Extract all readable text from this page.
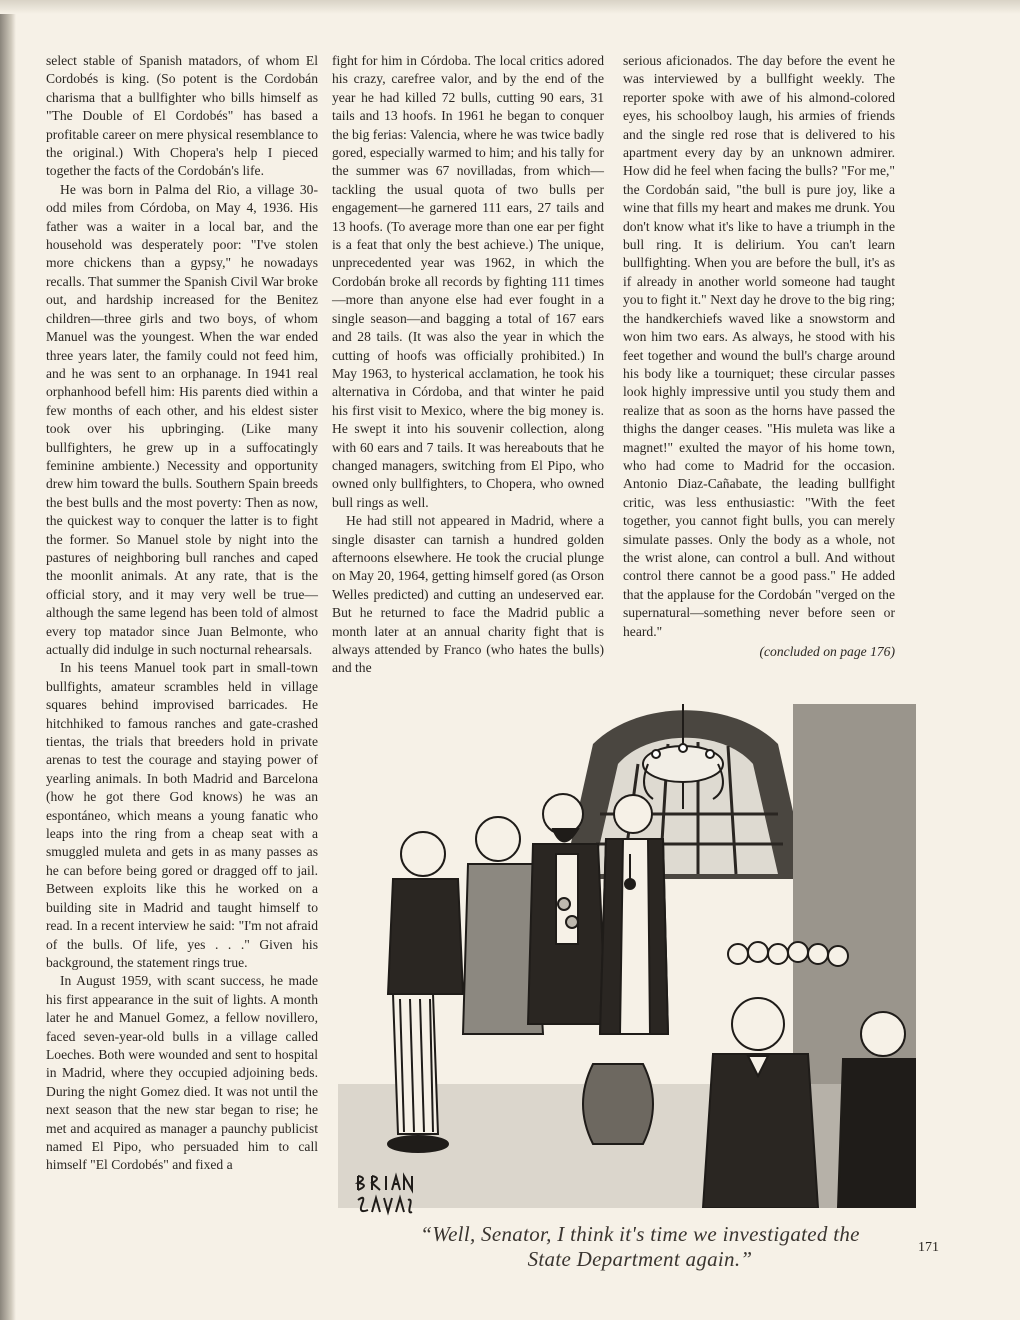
select stable of Spanish matadors, of whom El Cordobés is king. (So potent is the Cordobán charisma that a bullfighter who bills himself as "The Double of El Cordobés" has based a profitable career on mere physical resemblance to the original.) With Chopera's help I pieced together the facts of the Cordobán's life.

He was born in Palma del Rio, a village 30-odd miles from Córdoba, on May 4, 1936. His father was a waiter in a local bar, and the household was desperately poor: "I've stolen more chickens than a gypsy," he nowadays recalls. That summer the Spanish Civil War broke out, and hardship increased for the Benitez children—three girls and two boys, of whom Manuel was the youngest. When the war ended three years later, the family could not feed him, and he was sent to an orphanage. In 1941 real orphanhood befell him: His parents died within a few months of each other, and his eldest sister took over his upbringing. (Like many bullfighters, he grew up in a suffocatingly feminine ambiente.) Necessity and opportunity drew him toward the bulls. Southern Spain breeds the best bulls and the most poverty: Then as now, the quickest way to conquer the latter is to fight the former. So Manuel stole by night into the pastures of neighboring bull ranches and caped the moonlit animals. At any rate, that is the official story, and it may very well be true—although the same legend has been told of almost every top matador since Juan Belmonte, who actually did indulge in such nocturnal rehearsals.

In his teens Manuel took part in small-town bullfights, amateur scrambles held in village squares behind improvised barricades. He hitchhiked to famous ranches and gate-crashed tientas, the trials that breeders hold in private arenas to test the courage and staying power of yearling animals. In both Madrid and Barcelona (how he got there God knows) he was an espontáneo, which means a young fanatic who leaps into the ring from a cheap seat with a smuggled muleta and gets in as many passes as he can before being gored or dragged off to jail. Between exploits like this he worked on a building site in Madrid and taught himself to read. In a recent interview he said: "I'm not afraid of the bulls. Of life, yes . . ." Given his background, the statement rings true.

In August 1959, with scant success, he made his first appearance in the suit of lights. A month later he and Manuel Gomez, a fellow novillero, faced seven-year-old bulls in a village called Loeches. Both were wounded and sent to hospital in Madrid, where they occupied adjoining beds. During the night Gomez died. It was not until the next season that the new star began to rise; he met and acquired as manager a paunchy publicist named El Pipo, who persuaded him to call himself "El Cordobés" and fixed a

fight for him in Córdoba. The local critics adored his crazy, carefree valor, and by the end of the year he had killed 72 bulls, cutting 90 ears, 31 tails and 13 hoofs. In 1961 he began to conquer the big ferias: Valencia, where he was twice badly gored, especially warmed to him; and his tally for the summer was 67 novilladas, from which—tackling the usual quota of two bulls per engagement—he garnered 111 ears, 27 tails and 13 hoofs. (To average more than one ear per fight is a feat that only the best achieve.) The unique, unprecedented year was 1962, in which the Cordobán broke all records by fighting 111 times—more than anyone else had ever fought in a single season—and bagging a total of 167 ears and 28 tails. (It was also the year in which the cutting of hoofs was officially prohibited.) In May 1963, to hysterical acclamation, he took his alternativa in Córdoba, and that winter he paid his first visit to Mexico, where the big money is. He swept it into his souvenir collection, along with 60 ears and 7 tails. It was hereabouts that he changed managers, switching from El Pipo, who owned only bullfighters, to Chopera, who owned bull rings as well.

He had still not appeared in Madrid, where a single disaster can tarnish a hundred golden afternoons elsewhere. He took the crucial plunge on May 20, 1964, getting himself gored (as Orson Welles predicted) and cutting an undeserved ear. But he returned to face the Madrid public a month later at an annual charity fight that is always attended by Franco (who hates the bulls) and the

serious aficionados. The day before the event he was interviewed by a bullfight weekly. The reporter spoke with awe of his almond-colored eyes, his schoolboy laugh, his armies of friends and the single red rose that is delivered to his apartment every day by an unknown admirer. How did he feel when facing the bulls? "For me," the Cordobán said, "the bull is pure joy, like a wine that fills my heart and makes me drunk. You don't know what it's like to have a triumph in the bull ring. It is delirium. You can't learn bullfighting. When you are before the bull, it's as if already in another world someone had taught you to fight it." Next day he drove to the big ring; the handkerchiefs waved like a snowstorm and won him two ears. As always, he stood with his feet together and wound the bull's charge around his body like a tourniquet; these circular passes look highly impressive until you study them and realize that as soon as the horns have passed the thighs the danger ceases. "His muleta was like a magnet!" exulted the mayor of his home town, who had come to Madrid for the occasion. Antonio Diaz-Cañabate, the leading bullfight critic, was less enthusiastic: "With the feet together, you cannot fight bulls, you can merely simulate passes. Only the body as a whole, not the wrist alone, can control a bull. And without control there cannot be a good pass." He added that the applause for the Cordobán "verged on the supernatural—something never before seen or heard."

(concluded on page 176)
“Well, Senator, I think it's time we investigated the State Department again.”	171
